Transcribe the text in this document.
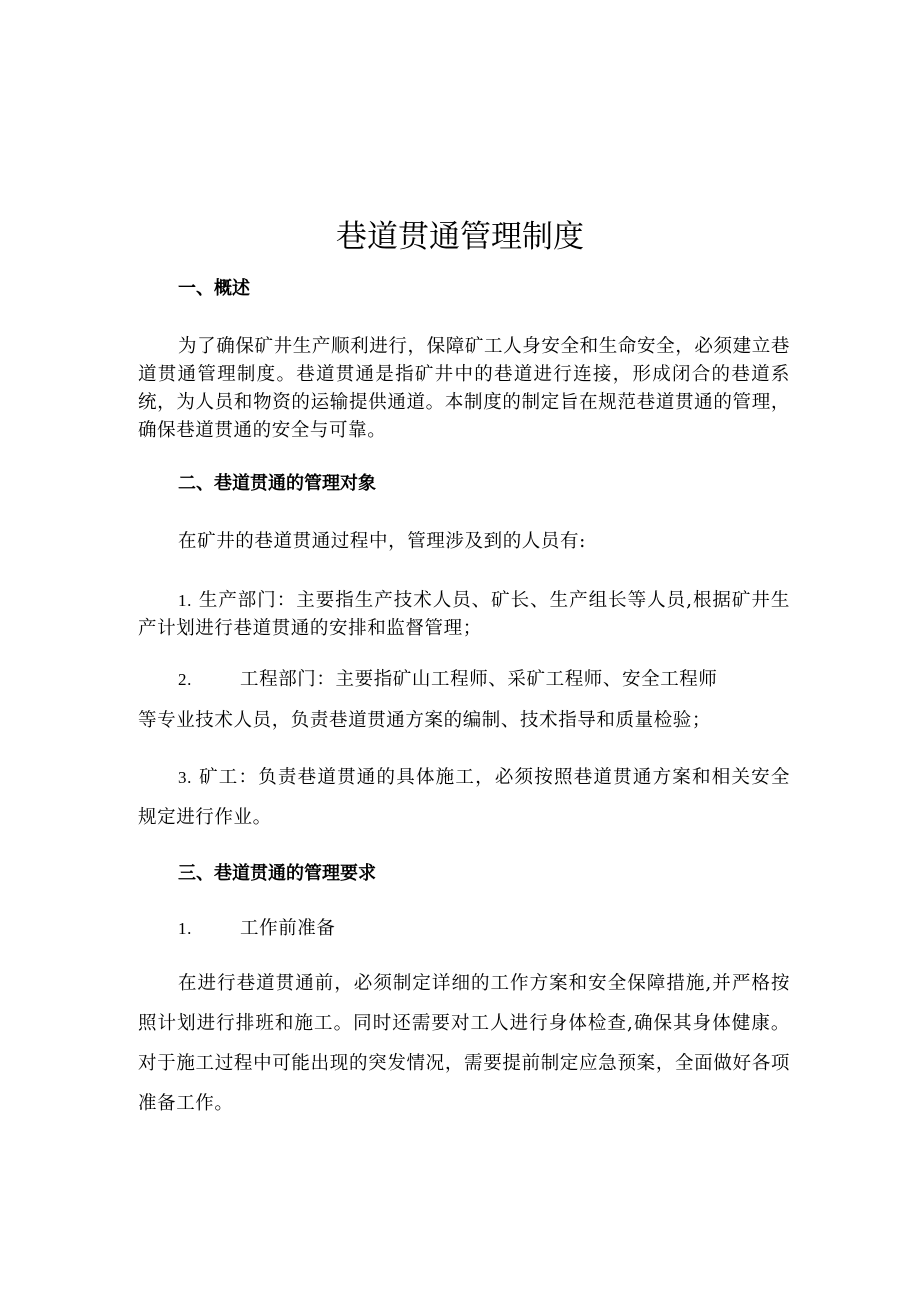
巷道贯通管理制度
一、概述

为了确保矿井生产顺利进行，保障矿工人身安全和生命安全，必须建立巷道贯通管理制度。巷道贯通是指矿井中的巷道进行连接，形成闭合的巷道系统，为人员和物资的运输提供通道。本制度的制定旨在规范巷道贯通的管理，确保巷道贯通的安全与可靠。

二、巷道贯通的管理对象

在矿井的巷道贯通过程中，管理涉及到的人员有:

1. 生产部门：主要指生产技术人员、矿长、生产组长等人员,根据矿井生产计划进行巷道贯通的安排和监督管理；

2.	工程部门：主要指矿山工程师、采矿工程师、安全工程师

等专业技术人员，负责巷道贯通方案的编制、技术指导和质量检验；

3. 矿工：负责巷道贯通的具体施工，必须按照巷道贯通方案和相关安全规定进行作业。

三、巷道贯通的管理要求

1.	工作前准备

在进行巷道贯通前，必须制定详细的工作方案和安全保障措施,并严格按照计划进行排班和施工。同时还需要对工人进行身体检查,确保其身体健康。对于施工过程中可能出现的突发情况，需要提前制定应急预案，全面做好各项准备工作。
